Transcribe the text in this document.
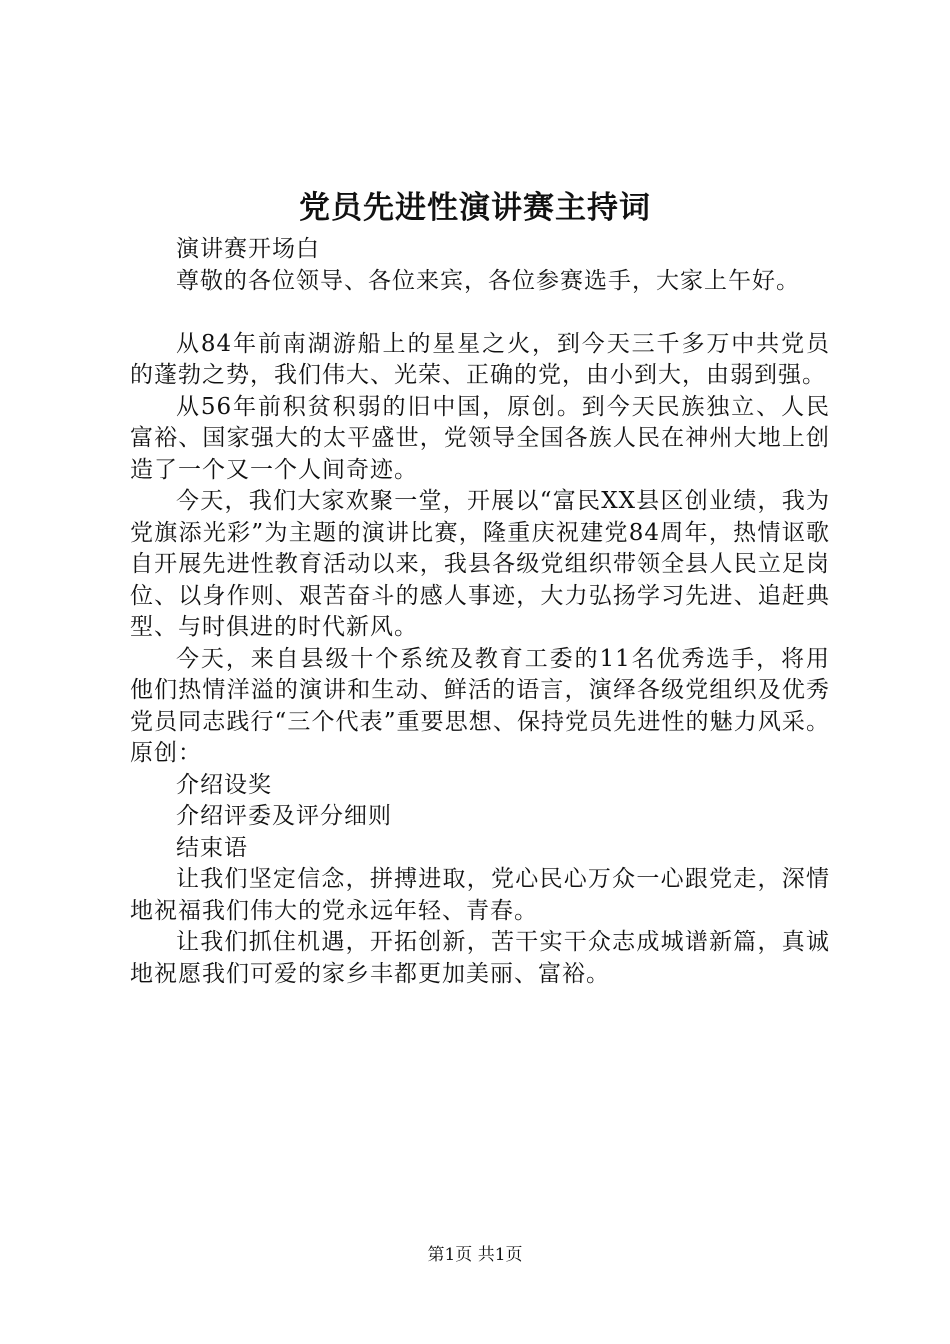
党员先进性演讲赛主持词

演讲赛开场白

尊敬的各位领导、各位来宾，各位参赛选手，大家上午好。

从84年前南湖游船上的星星之火，到今天三千多万中共党员的蓬勃之势，我们伟大、光荣、正确的党，由小到大，由弱到强。

从56年前积贫积弱的旧中国，原创。到今天民族独立、人民富裕、国家强大的太平盛世，党领导全国各族人民在神州大地上创造了一个又一个人间奇迹。

今天，我们大家欢聚一堂，开展以“富民XX县区创业绩，我为党旗添光彩”为主题的演讲比赛，隆重庆祝建党84周年，热情讴歌自开展先进性教育活动以来，我县各级党组织带领全县人民立足岗位、以身作则、艰苦奋斗的感人事迹，大力弘扬学习先进、追赶典型、与时俱进的时代新风。

今天，来自县级十个系统及教育工委的11名优秀选手，将用他们热情洋溢的演讲和生动、鲜活的语言，演绎各级党组织及优秀党员同志践行“三个代表”重要思想、保持党员先进性的魅力风采。原创：

介绍设奖

介绍评委及评分细则

结束语

让我们坚定信念，拼搏进取，党心民心万众一心跟党走，深情地祝福我们伟大的党永远年轻、青春。

让我们抓住机遇，开拓创新，苦干实干众志成城谱新篇，真诚地祝愿我们可爱的家乡丰都更加美丽、富裕。

第1页 共1页
